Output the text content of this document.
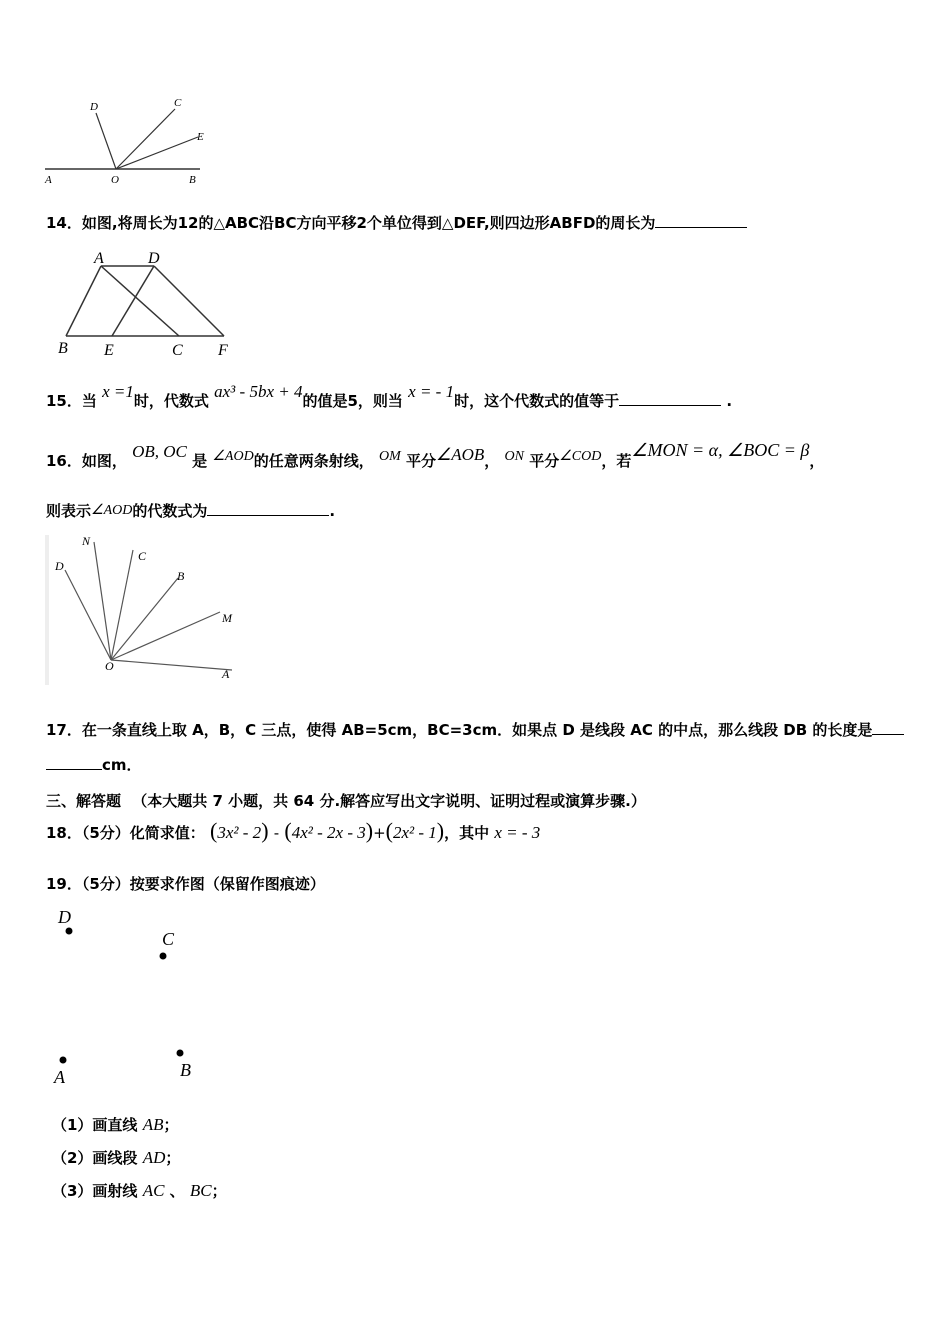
D	C
E
A	O	B
14．如图,将周长为12的△ABC沿BC方向平移2个单位得到△DEF,则四边形ABFD的周长为
A	D
B E	C F
15．当 x =1时，代数式 ax³ - 5bx + 4的值是5，则当 x = - 1时，这个代数式的值等于	.
16．如图， OB, OC 是 ∠AOD的任意两条射线， OM 平分∠AOB， ON 平分∠COD，若∠MON = α, ∠BOC = β，
则表示∠AOD的代数式为	.
N
C
D
B
M
O
A
17．在一条直线上取 A，B，C 三点，使得 AB=5cm，BC=3cm．如果点 D 是线段 AC 的中点，那么线段 DB 的长度是
cm．
三、解答题 （本大题共 7 小题，共 64 分.解答应写出文字说明、证明过程或演算步骤.）
18．（5分）化简求值： (3x² - 2) - (4x² - 2x - 3)+(2x² - 1)，其中 x = - 3
19．（5分）按要求作图（保留作图痕迹）
D
C
A	B
（1）画直线 AB；
（2）画线段 AD；
（3）画射线 AC 、 BC；
